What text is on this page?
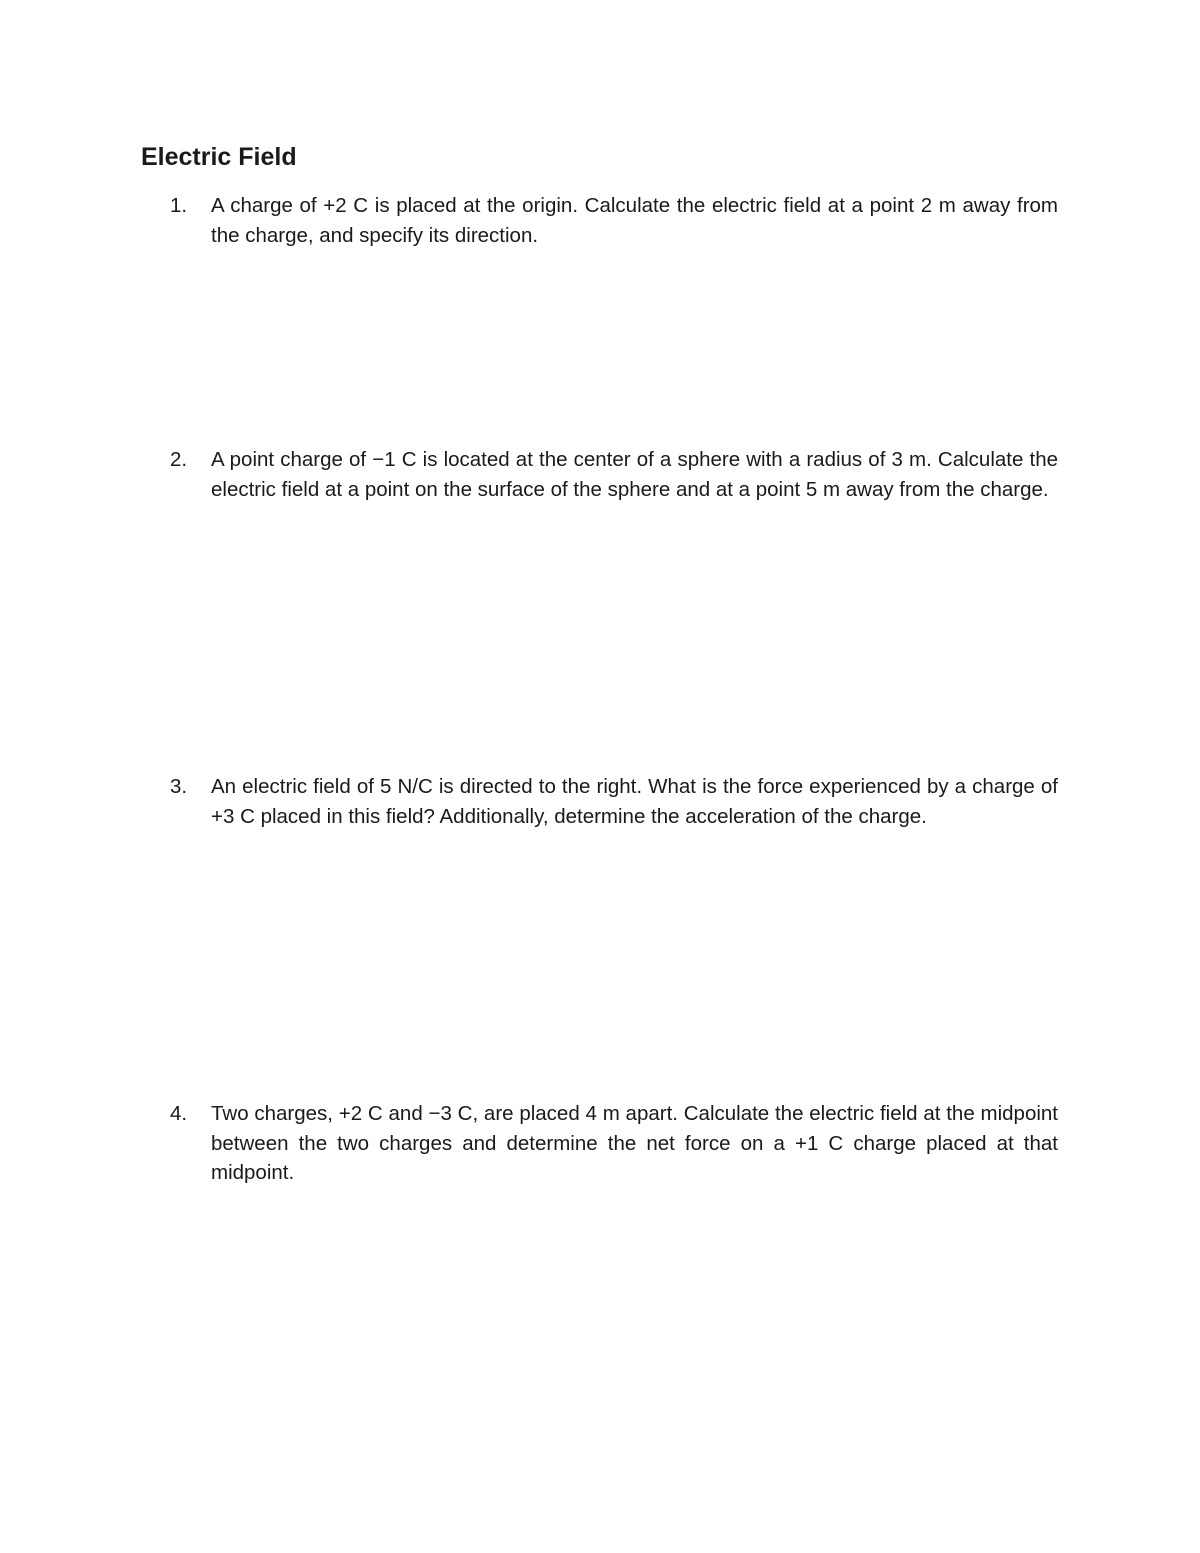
Electric Field
1.	A charge of +2 C is placed at the origin. Calculate the electric field at a point 2 m away from the charge, and specify its direction.
2.	A point charge of −1 C is located at the center of a sphere with a radius of 3 m. Calculate the electric field at a point on the surface of the sphere and at a point 5 m away from the charge.
3.	An electric field of 5 N/C is directed to the right. What is the force experienced by a charge of +3 C placed in this field? Additionally, determine the acceleration of the charge.
4.	Two charges, +2 C and −3 C, are placed 4 m apart. Calculate the electric field at the midpoint between the two charges and determine the net force on a +1 C charge placed at that midpoint.
